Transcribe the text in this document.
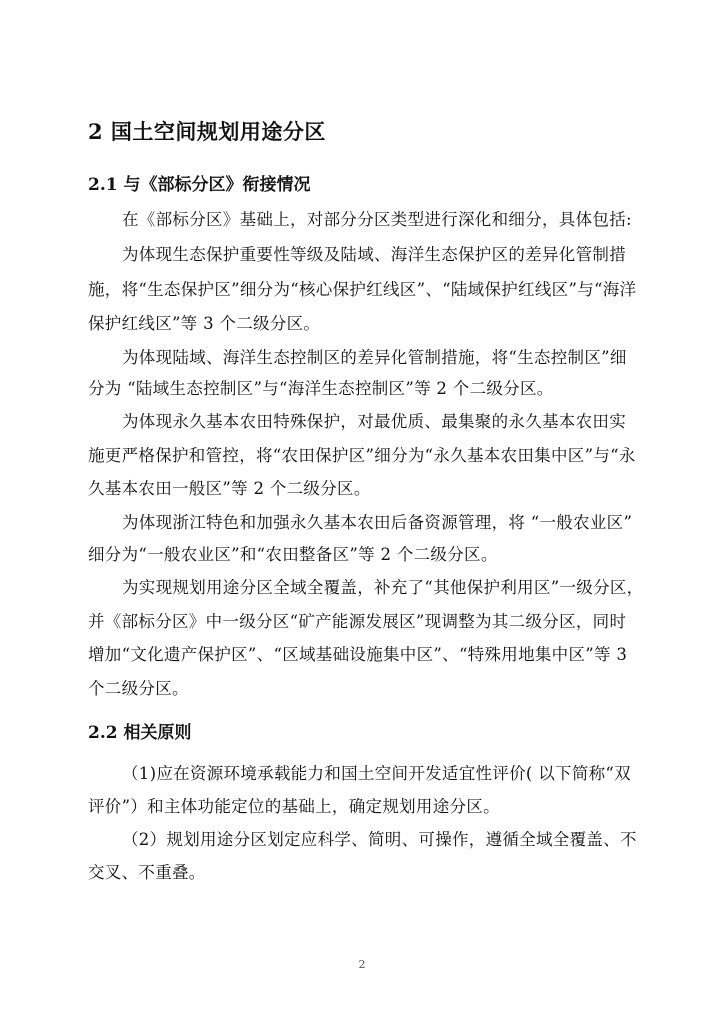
2 国土空间规划用途分区
2.1 与《部标分区》衔接情况
在《部标分区》基础上，对部分分区类型进行深化和细分，具体包括:
为体现生态保护重要性等级及陆域、海洋生态保护区的差异化管制措
施，将“生态保护区”细分为“核心保护红线区”、“陆域保护红线区”与“海洋
保护红线区”等 3 个二级分区。
为体现陆域、海洋生态控制区的差异化管制措施，将“生态控制区”细
分为 “陆域生态控制区”与“海洋生态控制区”等 2 个二级分区。
为体现永久基本农田特殊保护，对最优质、最集聚的永久基本农田实
施更严格保护和管控，将“农田保护区”细分为“永久基本农田集中区”与“永
久基本农田一般区”等 2 个二级分区。
为体现浙江特色和加强永久基本农田后备资源管理，将 “一般农业区”
细分为“一般农业区”和“农田整备区”等 2 个二级分区。
为实现规划用途分区全域全覆盖，补充了“其他保护利用区”一级分区，
并《部标分区》中一级分区“矿产能源发展区”现调整为其二级分区，同时
增加“文化遗产保护区”、“区域基础设施集中区”、“特殊用地集中区”等 3
个二级分区。
2.2 相关原则
（1)应在资源环境承载能力和国土空间开发适宜性评价( 以下简称“双
评价”）和主体功能定位的基础上，确定规划用途分区。
（2）规划用途分区划定应科学、简明、可操作，遵循全域全覆盖、不
交叉、不重叠。
2
